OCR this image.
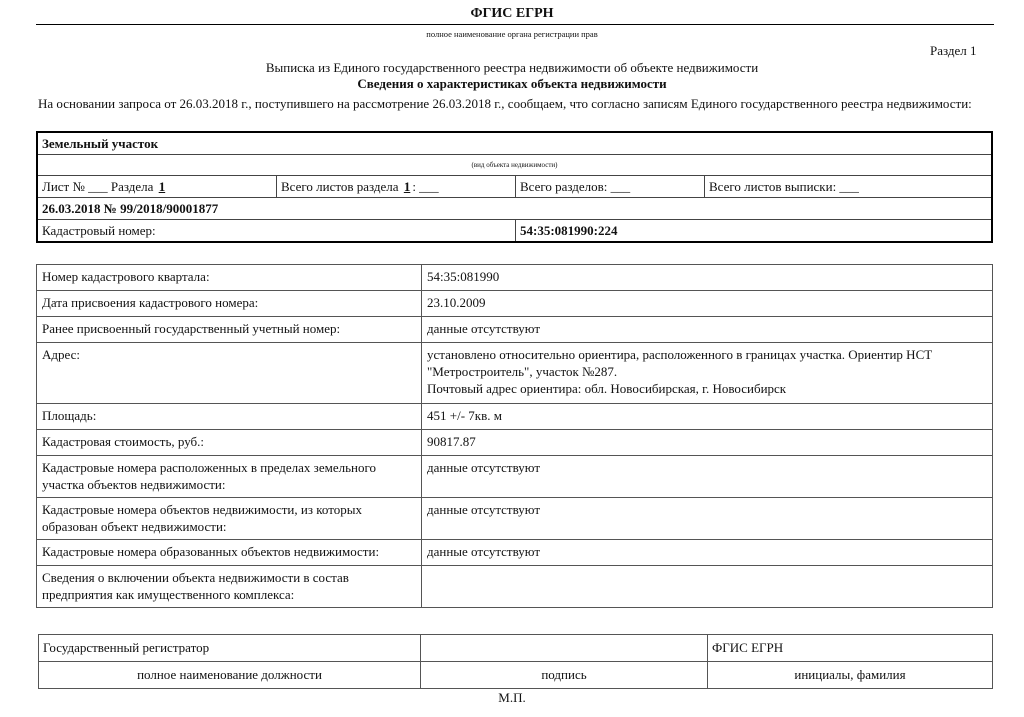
ФГИС ЕГРН
полное наименование органа регистрации прав
Раздел 1
Выписка из Единого государственного реестра недвижимости об объекте недвижимости
Сведения о характеристиках объекта недвижимости
На основании запроса от 26.03.2018 г., поступившего на рассмотрение 26.03.2018 г., сообщаем, что согласно записям Единого государственного реестра недвижимости:
Земельный участок			
(вид объекта недвижимости)			
Лист № ___ Раздела 1	Всего листов раздела 1 : ___	Всего разделов: ___	Всего листов выписки: ___
26.03.2018 № 99/2018/90001877			
Кадастровый номер:		54:35:081990:224	
Номер кадастрового квартала:	54:35:081990
Дата присвоения кадастрового номера:	23.10.2009
Ранее присвоенный государственный учетный номер:	данные отсутствуют
Адрес:	установлено относительно ориентира, расположенного в границах участка. Ориентир НСТ "Метростроитель", участок №287.
Почтовый адрес ориентира: обл. Новосибирская, г. Новосибирск

Площадь:	451 +/- 7кв. м
Кадастровая стоимость, руб.:	90817.87
Кадастровые номера расположенных в пределах земельного участка объектов недвижимости:	данные отсутствуют
Кадастровые номера объектов недвижимости, из которых образован объект недвижимости:	данные отсутствуют
Кадастровые номера образованных объектов недвижимости:	данные отсутствуют
Сведения о включении объекта недвижимости в состав предприятия как имущественного комплекса:	
Государственный регистратор		ФГИС ЕГРН
полное наименование должности	подпись	инициалы, фамилия
М.П.
